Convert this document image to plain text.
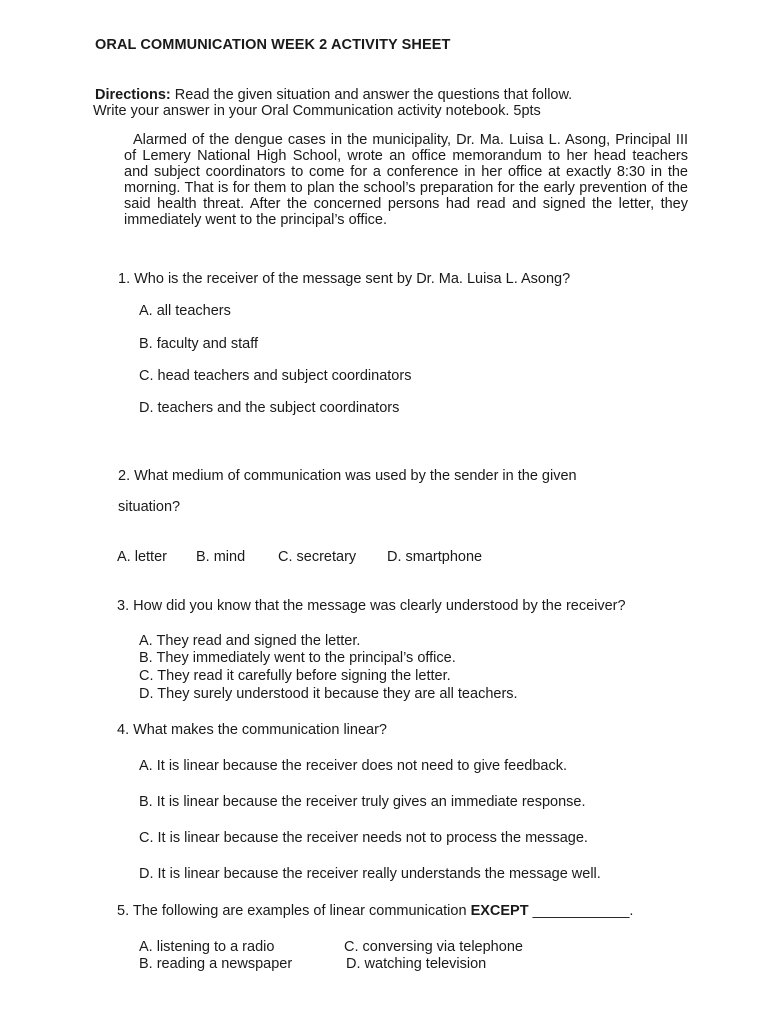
ORAL COMMUNICATION WEEK 2 ACTIVITY SHEET
Directions: Read the given situation and answer the questions that follow.
Write your answer in your Oral Communication activity notebook. 5pts
Alarmed of the dengue cases in the municipality, Dr. Ma. Luisa L. Asong, Principal III of Lemery National High School, wrote an office memorandum to her head teachers and subject coordinators to come for a conference in her office at exactly 8:30 in the morning. That is for them to plan the school’s preparation for the early prevention of the said health threat. After the concerned persons had read and signed the letter, they immediately went to the principal’s office.
1. Who is the receiver of the message sent by Dr. Ma. Luisa L. Asong?
A. all teachers
B. faculty and staff
C. head teachers and subject coordinators
D. teachers and the subject coordinators
2. What medium of communication was used by the sender in the given
situation?
A. letter B. mind C. secretary D. smartphone
3. How did you know that the message was clearly understood by the receiver?
A. They read and signed the letter.
B. They immediately went to the principal’s office.
C. They read it carefully before signing the letter.
D. They surely understood it because they are all teachers.
4. What makes the communication linear?
A. It is linear because the receiver does not need to give feedback.
B. It is linear because the receiver truly gives an immediate response.
C. It is linear because the receiver needs not to process the message.
D. It is linear because the receiver really understands the message well.
5. The following are examples of linear communication EXCEPT ____________.
A. listening to a radio
B. reading a newspaper
C. conversing via telephone
D. watching television
